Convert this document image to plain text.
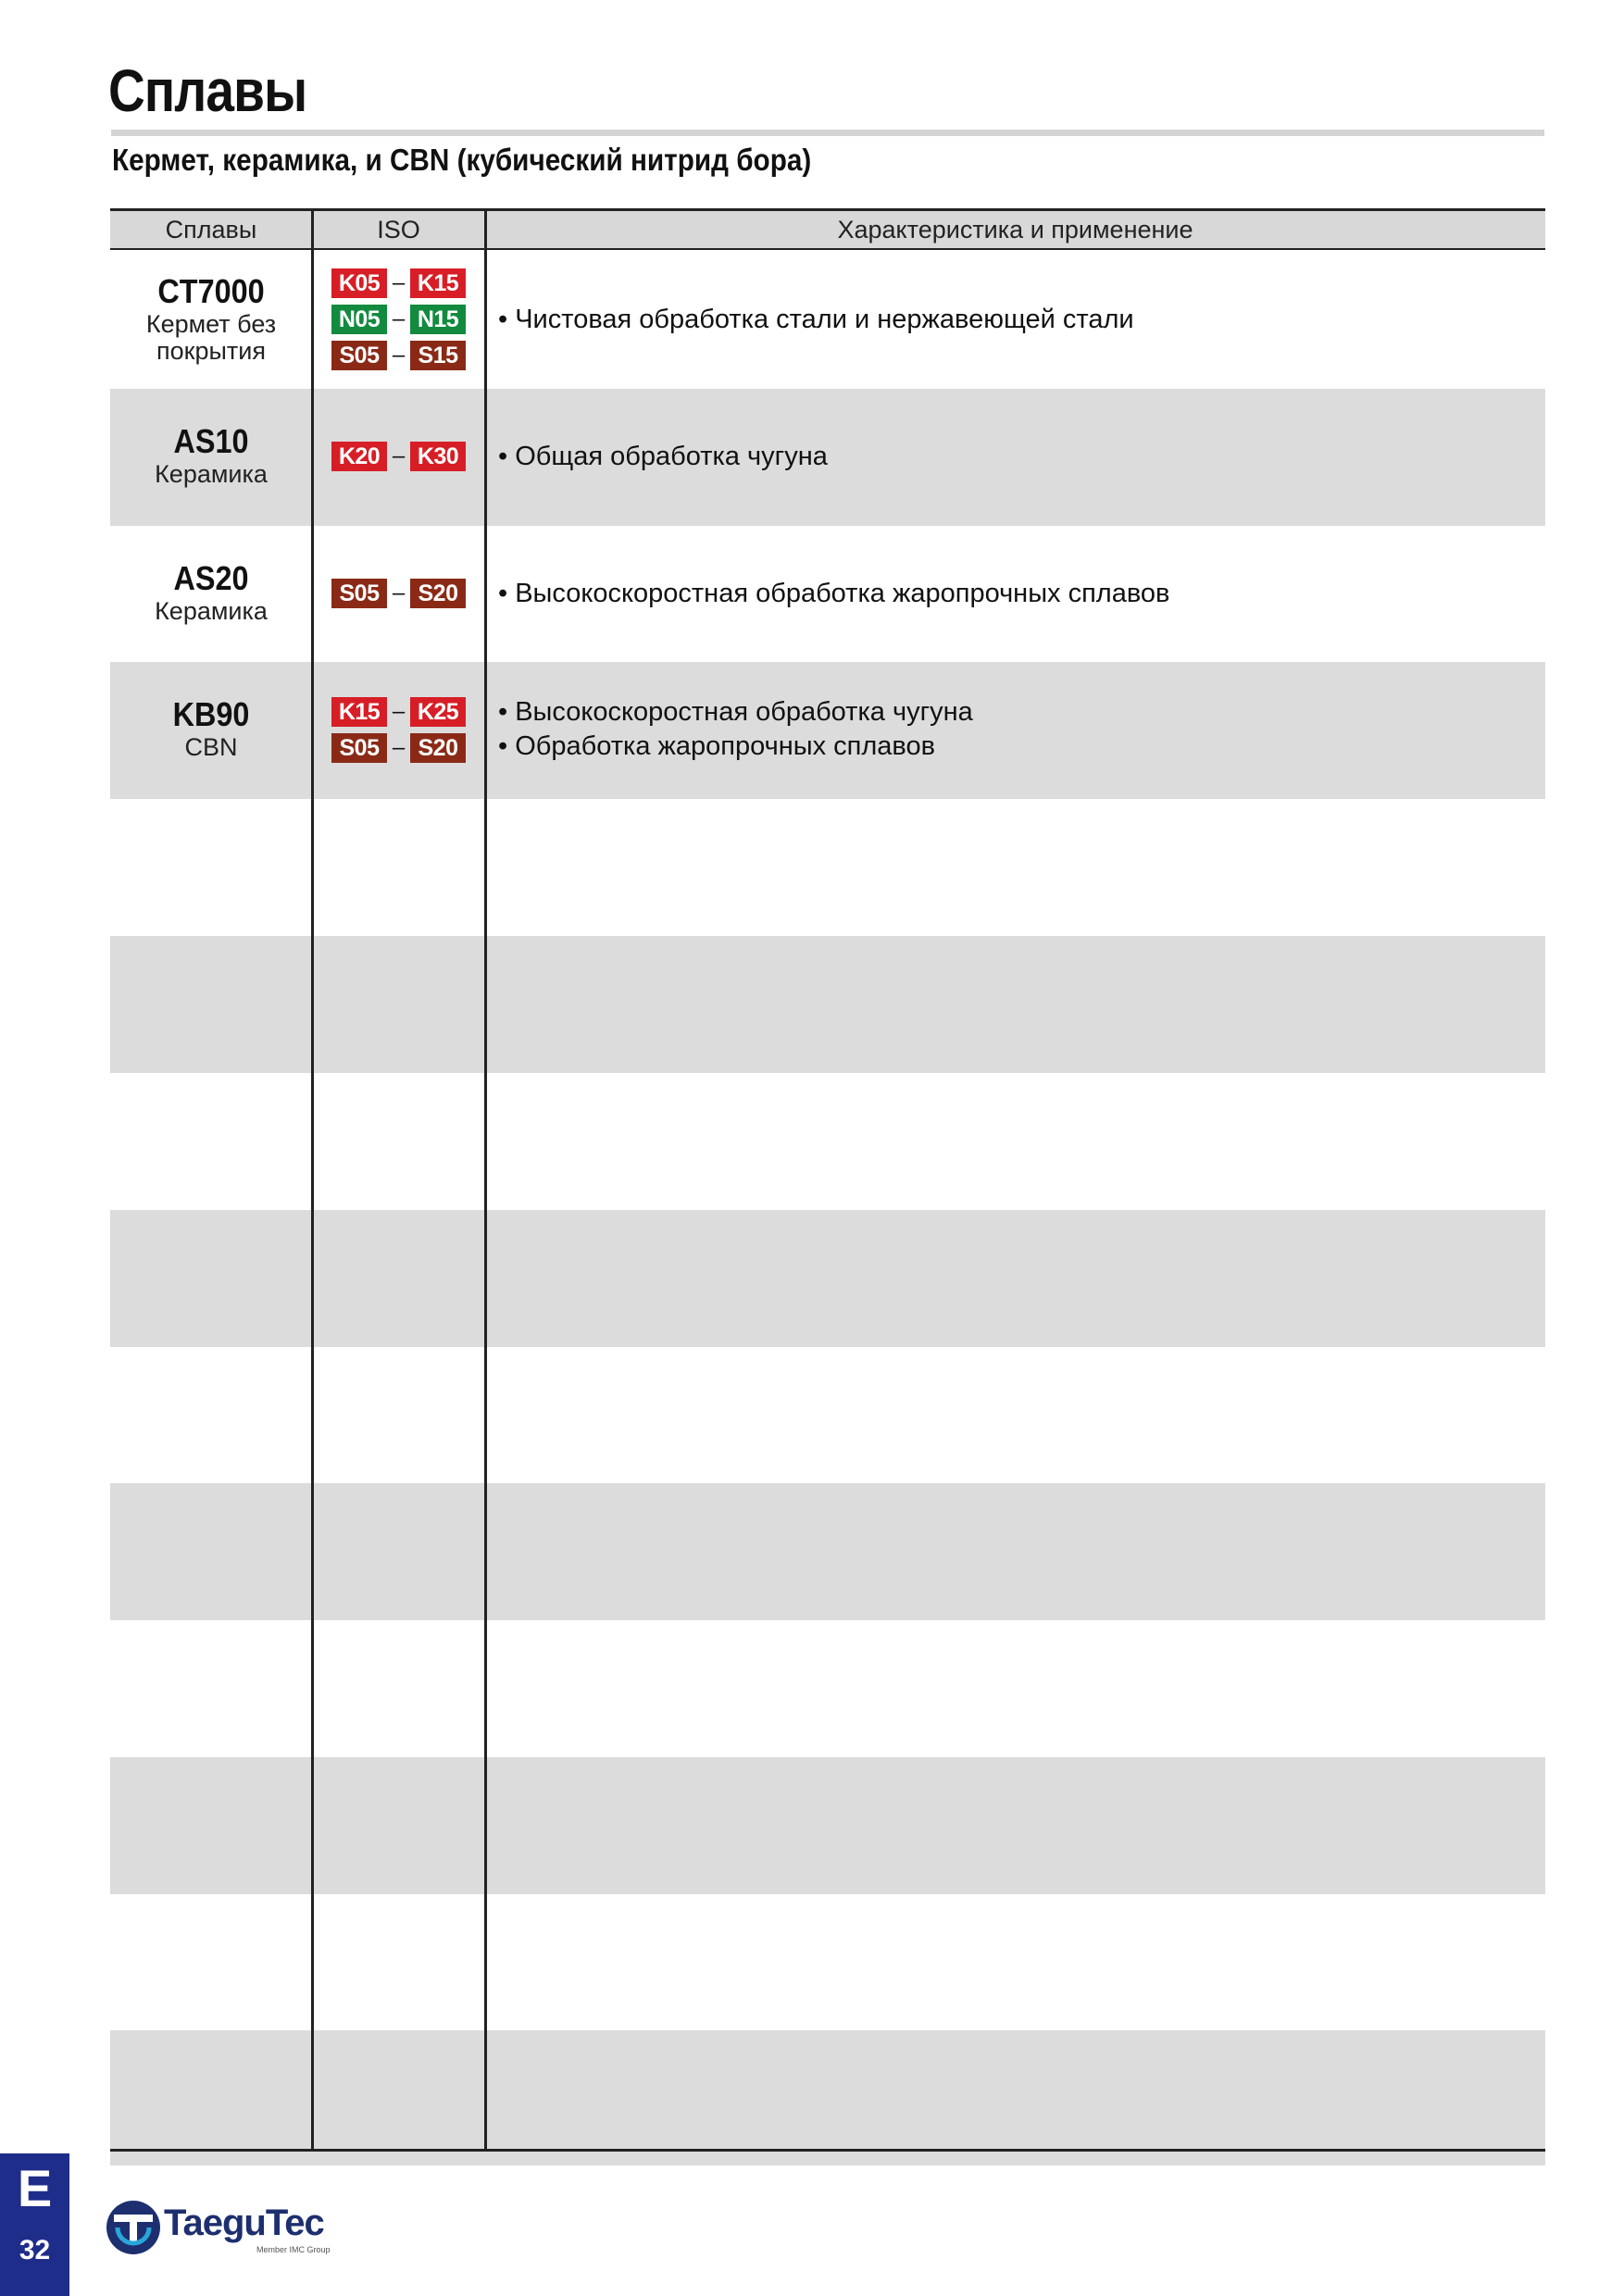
Сплавы
Кермет, керамика, и CBN (кубический нитрид бора)
Сплавы	ISO	Характеристика и применение
CT7000
Кермет без
покрытия
K05 – K15
N05 – N15
S05 – S15
• Чистовая обработка стали и нержавеющей стали
AS10
Керамика
K20 – K30 • Общая обработка чугуна
AS20
Керамика
S05 – S20 • Высокоскоростная обработка жаропрочных сплавов
KB90
CBN
K15 – K25
S05 – S20
• Высокоскоростная обработка чугуна
• Обработка жаропрочных сплавов
E
32
TaeguTec
Member IMC Group
